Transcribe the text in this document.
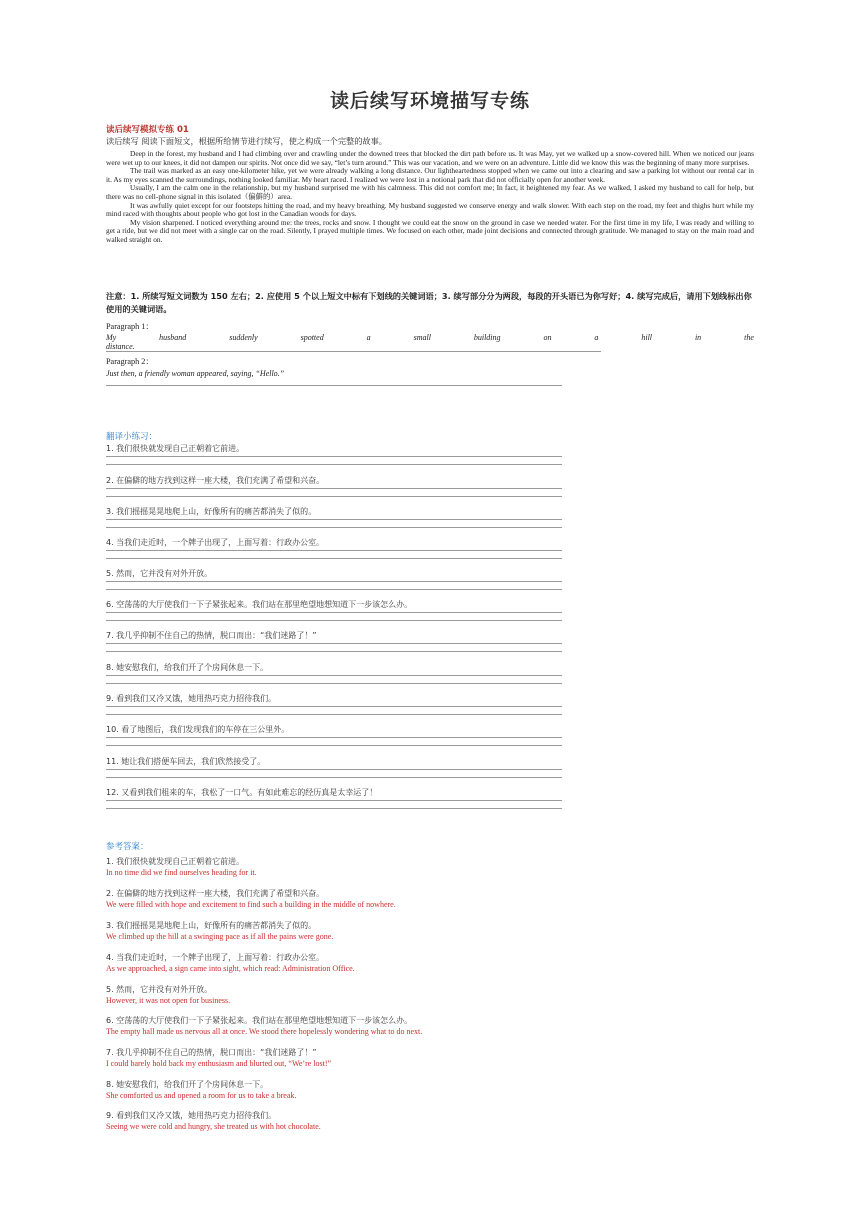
读后续写环境描写专练
读后续写模拟专练 01
读后续写 阅读下面短文，根据所给情节进行续写，使之构成一个完整的故事。
Deep in the forest, my husband and I had climbing over and crawling under the downed trees that blocked the dirt path before us. It was May, yet we walked up a snow-covered hill. When we noticed our jeans were wet up to our knees, it did not dampen our spirits. Not once did we say, “let’s turn around.” This was our vacation, and we were on an adventure. Little did we know this was the beginning of many more surprises.
The trail was marked as an easy one-kilometer hike, yet we were already walking a long distance. Our lightheartedness stopped when we came out into a clearing and saw a parking lot without our rental car in it. As my eyes scanned the surroundings, nothing looked familiar. My heart raced. I realized we were lost in a notional park that did not officially open for another week.
Usually, I am the calm one in the relationship, but my husband surprised me with his calmness. This did not comfort me; In fact, it heightened my fear. As we walked, I asked my husband to call for help, but there was no cell-phone signal in this isolated（偏僻的）area.
It was awfully quiet except for our footsteps hitting the road, and my heavy breathing. My husband suggested we conserve energy and walk slower. With each step on the road, my feet and thighs hurt while my mind raced with thoughts about people who got lost in the Canadian woods for days.
My vision sharpened. I noticed everything around me: the trees, rocks and snow. I thought we could eat the snow on the ground in case we needed water. For the first time in my life, I was ready and willing to get a ride, but we did not meet with a single car on the road. Silently, I prayed multiple times. We focused on each other, made joint decisions and connected through gratitude. We managed to stay on the main road and walked straight on.
注意：1. 所续写短文词数为 150 左右；2. 应使用 5 个以上短文中标有下划线的关键词语；3. 续写部分分为两段，每段的开头语已为你写好；4. 续写完成后，请用下划线标出你使用的关键词语。
Paragraph 1：
My	husband	suddenly	spotted	a	small	building	on	a	hill	in	the
distance.
Paragraph 2：
Just then, a friendly woman appeared, saying, “Hello.”
翻译小练习：
1. 我们很快就发现自己正朝着它前进。
2. 在偏僻的地方找到这样一座大楼，我们充满了希望和兴奋。
3. 我们摇摇晃晃地爬上山，好像所有的痛苦都消失了似的。
4. 当我们走近时，一个牌子出现了，上面写着：行政办公室。
5. 然而，它并没有对外开放。
6. 空荡荡的大厅使我们一下子紧张起来。我们站在那里绝望地想知道下一步该怎么办。
7. 我几乎抑制不住自己的热情，脱口而出：“我们迷路了！”
8. 她安慰我们，给我们开了个房间休息一下。
9. 看到我们又冷又饿，她用热巧克力招待我们。
10. 看了地图后，我们发现我们的车停在三公里外。
11. 她让我们搭便车回去，我们欣然接受了。
12. 又看到我们租来的车，我松了一口气。有如此难忘的经历真是太幸运了！
参考答案：
1. 我们很快就发现自己正朝着它前进。
In no time did we find ourselves heading for it.
2. 在偏僻的地方找到这样一座大楼，我们充满了希望和兴奋。
We were filled with hope and excitement to find such a building in the middle of nowhere.
3. 我们摇摇晃晃地爬上山，好像所有的痛苦都消失了似的。
We climbed up the hill at a swinging pace as if all the pains were gone.
4. 当我们走近时，一个牌子出现了，上面写着：行政办公室。
As we approached, a sign came into sight, which read: Administration Office.
5. 然而，它并没有对外开放。
However, it was not open for business.
6. 空荡荡的大厅使我们一下子紧张起来。我们站在那里绝望地想知道下一步该怎么办。
The empty hall made us nervous all at once. We stood there hopelessly wondering what to do next.
7. 我几乎抑制不住自己的热情，脱口而出：“我们迷路了！”
I could barely hold back my enthusiasm and blurted out, “We’re lost!”
8. 她安慰我们，给我们开了个房间休息一下。
She comforted us and opened a room for us to take a break.
9. 看到我们又冷又饿，她用热巧克力招待我们。
Seeing we were cold and hungry, she treated us with hot chocolate.
